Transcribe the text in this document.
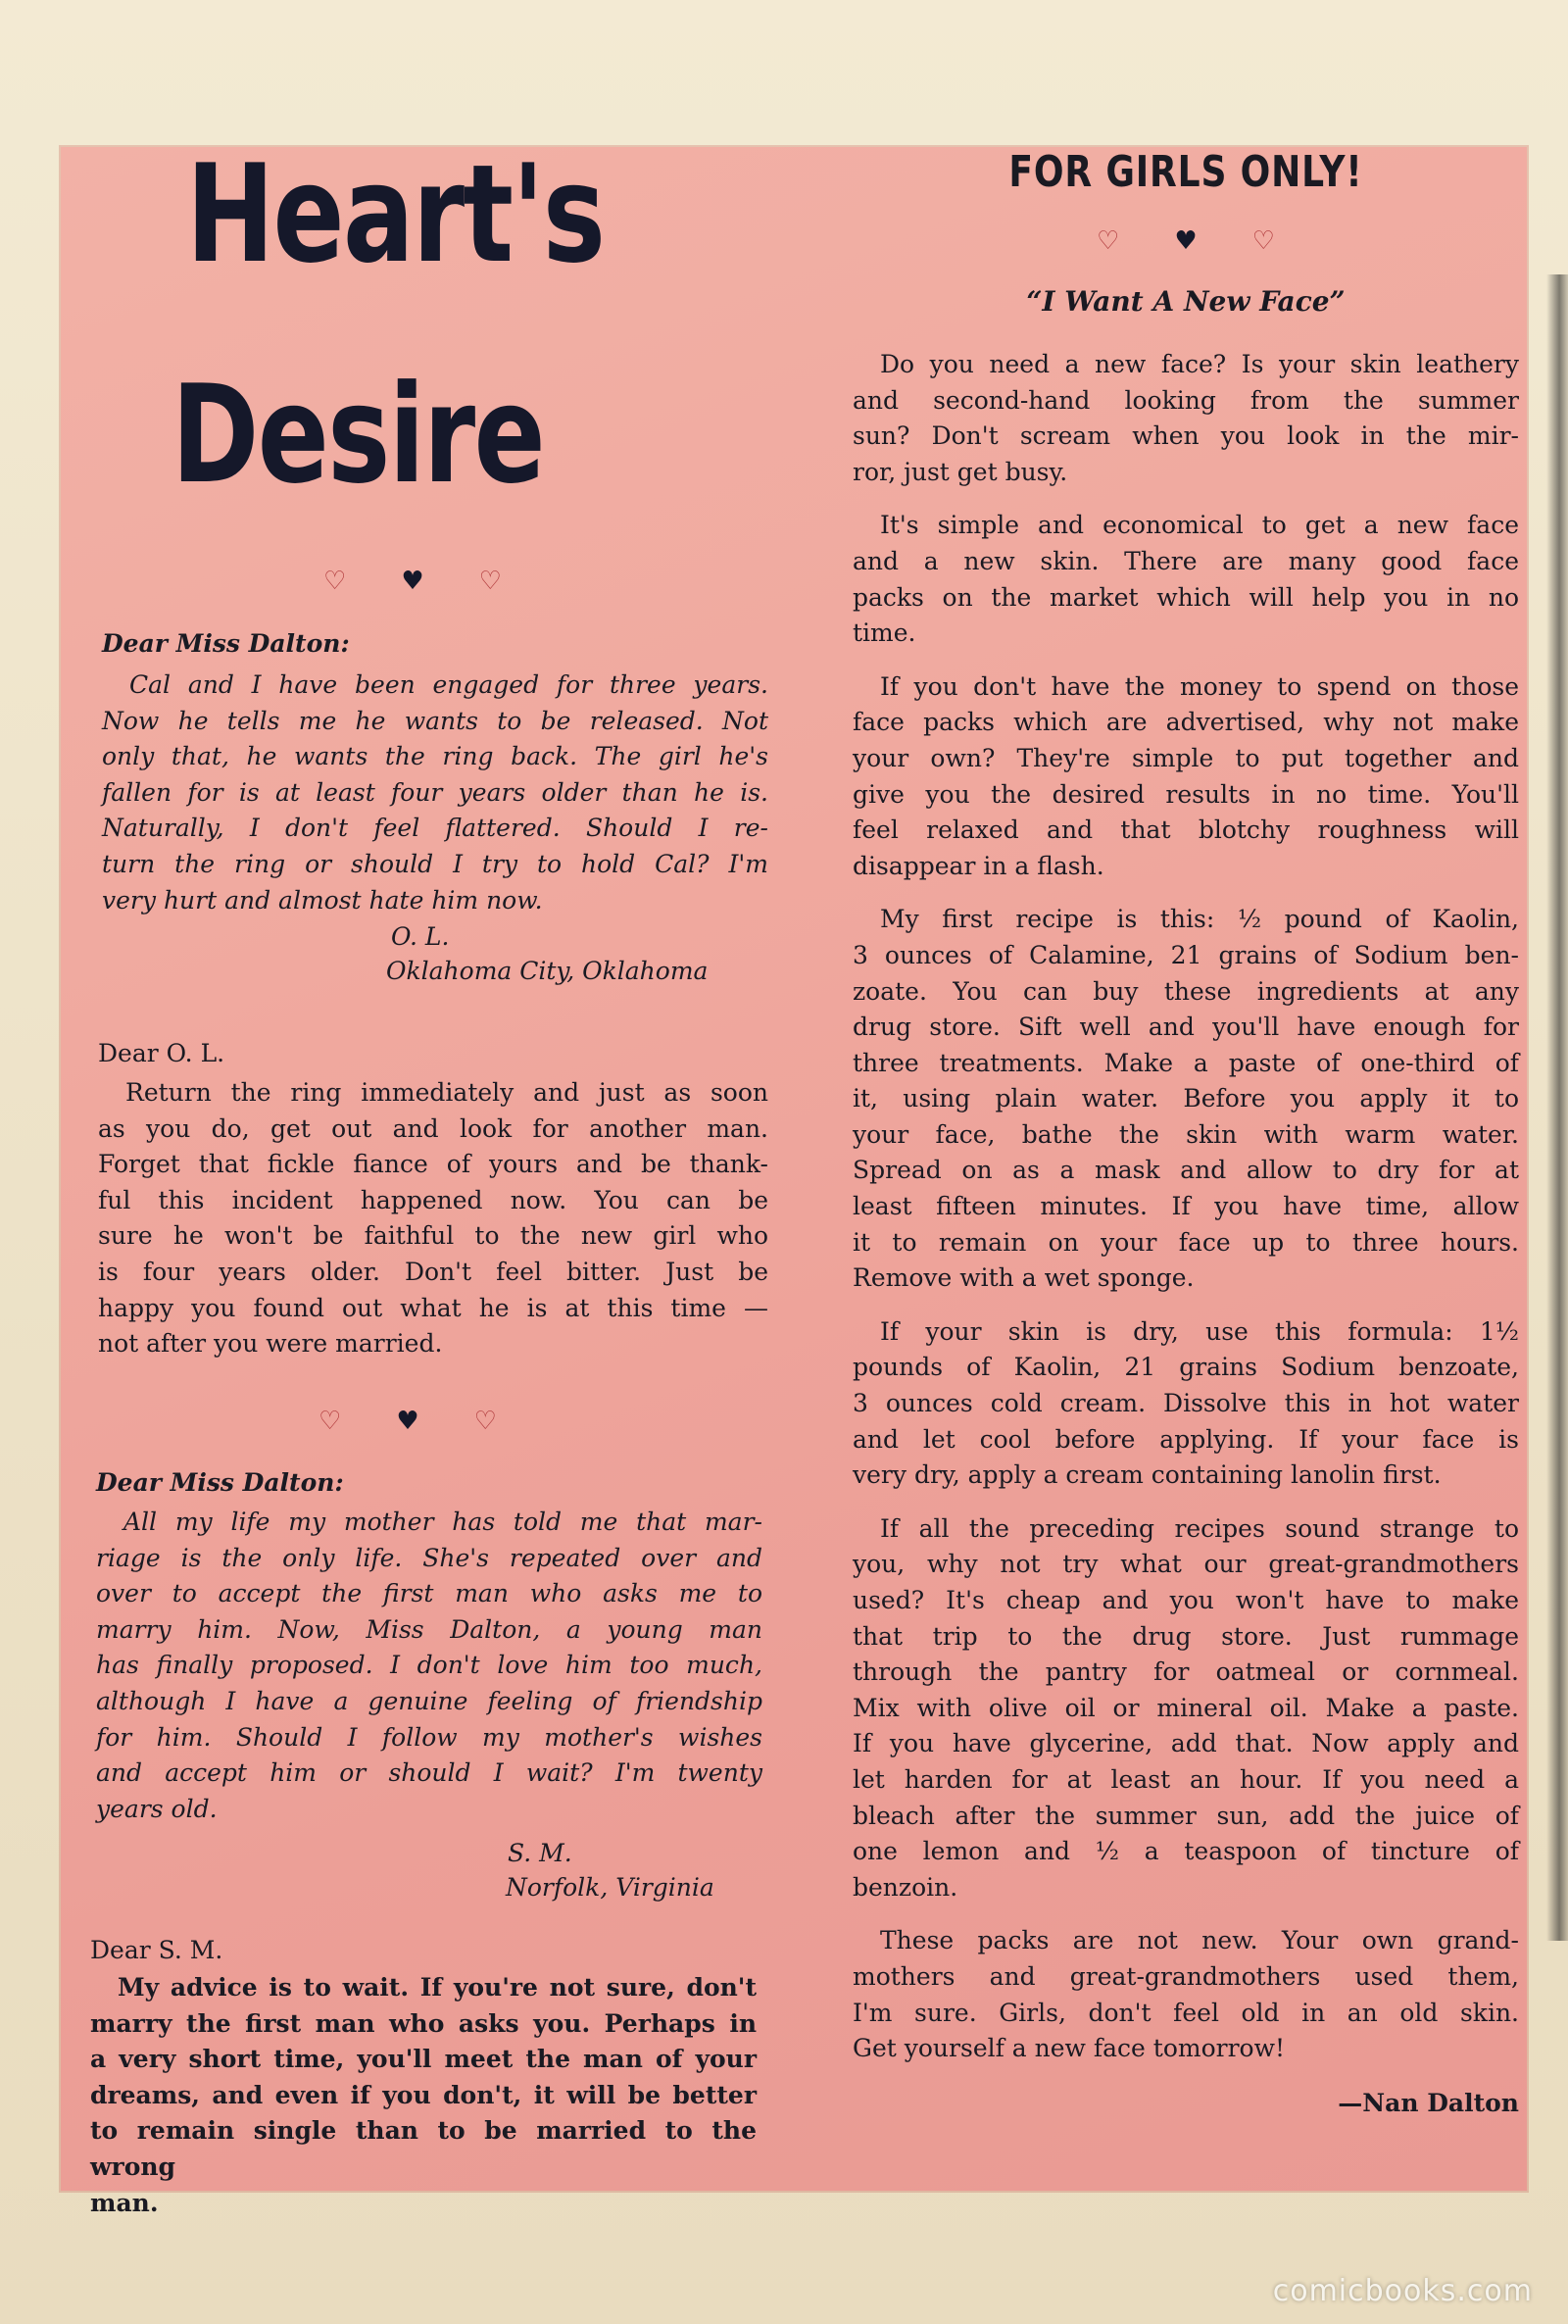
Heart's
Desire
♡ ♥ ♡

Dear Miss Dalton:

Cal and I have been engaged for three years.
Now he tells me he wants to be released. Not
only that, he wants the ring back. The girl he's
fallen for is at least four years older than he is.
Naturally, I don't feel flattered. Should I re-
turn the ring or should I try to hold Cal? I'm
very hurt and almost hate him now.

O. L.

Oklahoma City, Oklahoma

Dear O. L.

Return the ring immediately and just as soon
as you do, get out and look for another man.
Forget that fickle fiance of yours and be thank-
ful this incident happened now. You can be
sure he won't be faithful to the new girl who
is four years older. Don't feel bitter. Just be
happy you found out what he is at this time —
not after you were married.
♡ ♥ ♡

Dear Miss Dalton:

All my life my mother has told me that mar-
riage is the only life. She's repeated over and
over to accept the first man who asks me to
marry him. Now, Miss Dalton, a young man
has finally proposed. I don't love him too much,
although I have a genuine feeling of friendship
for him. Should I follow my mother's wishes
and accept him or should I wait? I'm twenty
years old.

S. M.

Norfolk, Virginia

Dear S. M.

My advice is to wait. If you're not sure, don't
marry the first man who asks you. Perhaps in
a very short time, you'll meet the man of your
dreams, and even if you don't, it will be better
to remain single than to be married to the wrong
man.
FOR GIRLS ONLY!
♡ ♥ ♡

“I Want A New Face”

Do you need a new face? Is your skin leathery
and second-hand looking from the summer
sun? Don't scream when you look in the mir-
ror, just get busy.
It's simple and economical to get a new face
and a new skin. There are many good face
packs on the market which will help you in no
time.
If you don't have the money to spend on those
face packs which are advertised, why not make
your own? They're simple to put together and
give you the desired results in no time. You'll
feel relaxed and that blotchy roughness will
disappear in a flash.
My first recipe is this: ½ pound of Kaolin,
3 ounces of Calamine, 21 grains of Sodium ben-
zoate. You can buy these ingredients at any
drug store. Sift well and you'll have enough for
three treatments. Make a paste of one-third of
it, using plain water. Before you apply it to
your face, bathe the skin with warm water.
Spread on as a mask and allow to dry for at
least fifteen minutes. If you have time, allow
it to remain on your face up to three hours.
Remove with a wet sponge.
If your skin is dry, use this formula: 1½
pounds of Kaolin, 21 grains Sodium benzoate,
3 ounces cold cream. Dissolve this in hot water
and let cool before applying. If your face is
very dry, apply a cream containing lanolin first.
If all the preceding recipes sound strange to
you, why not try what our great-grandmothers
used? It's cheap and you won't have to make
that trip to the drug store. Just rummage
through the pantry for oatmeal or cornmeal.
Mix with olive oil or mineral oil. Make a paste.
If you have glycerine, add that. Now apply and
let harden for at least an hour. If you need a
bleach after the summer sun, add the juice of
one lemon and ½ a teaspoon of tincture of
benzoin.
These packs are not new. Your own grand-
mothers and great-grandmothers used them,
I'm sure. Girls, don't feel old in an old skin.
Get yourself a new face tomorrow!

—Nan Dalton

comicbooks.com
